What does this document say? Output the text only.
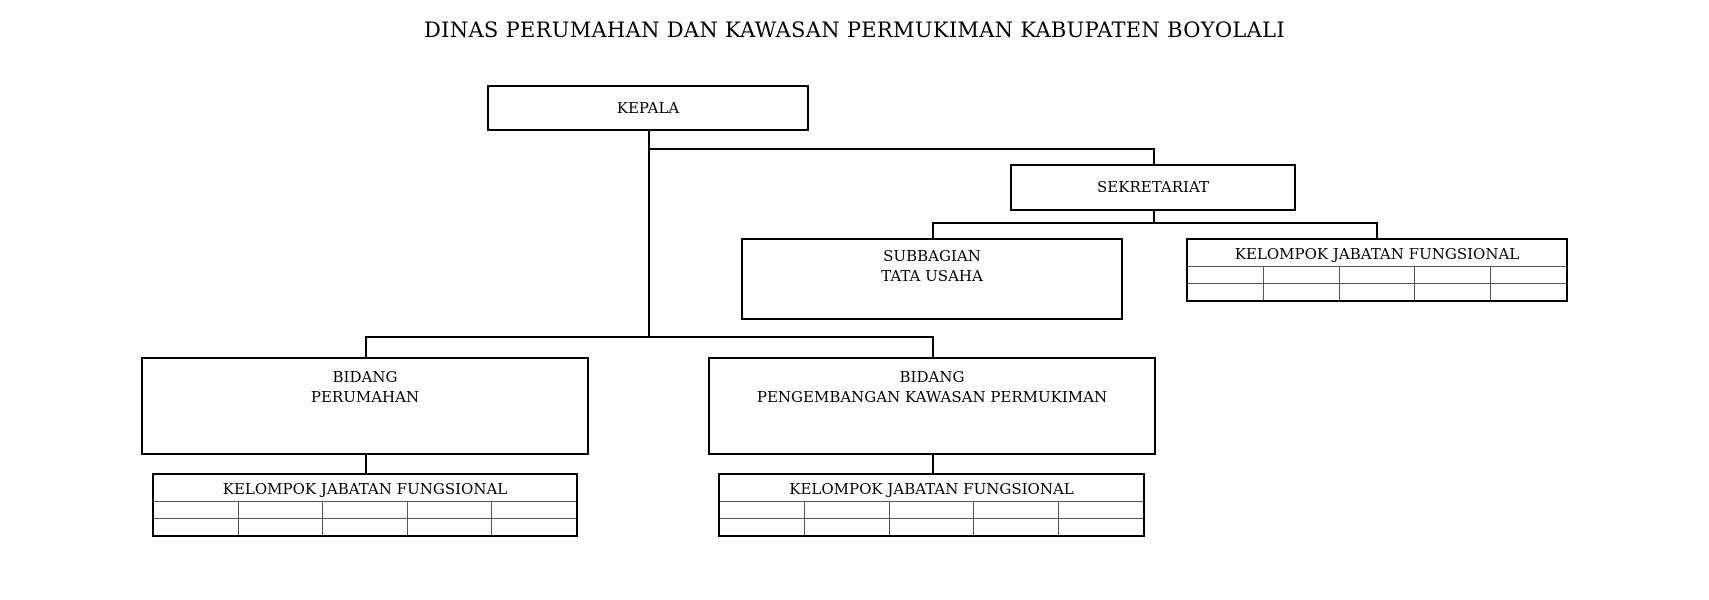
DINAS PERUMAHAN DAN KAWASAN PERMUKIMAN KABUPATEN BOYOLALI
KEPALA
SEKRETARIAT
SUBBAGIAN
TATA USAHA
BIDANG
PERUMAHAN
BIDANG
PENGEMBANGAN KAWASAN PERMUKIMAN
KELOMPOK JABATAN FUNGSIONAL
KELOMPOK JABATAN FUNGSIONAL	KELOMPOK JABATAN FUNGSIONAL
